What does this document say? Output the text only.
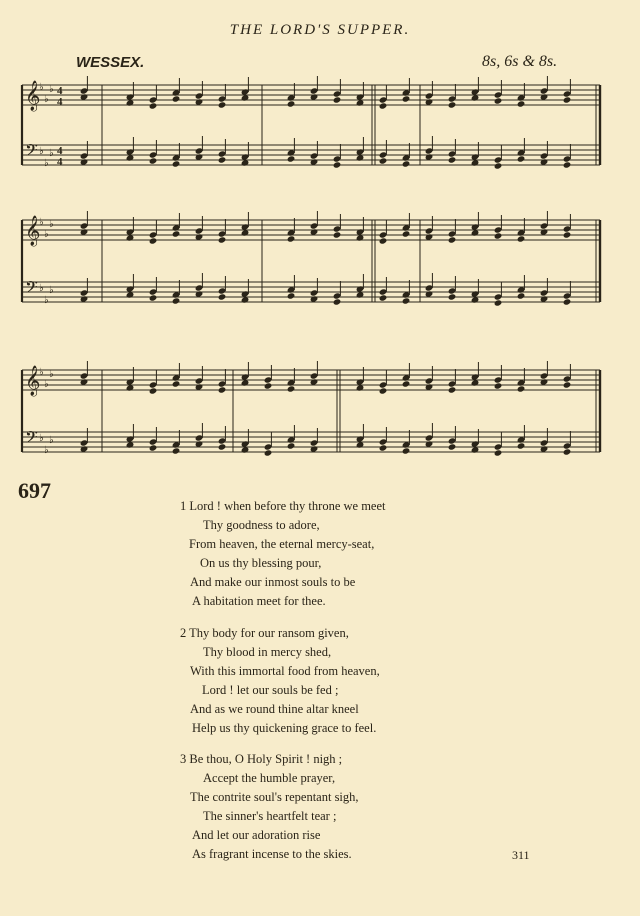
THE LORD'S SUPPER.
WESSEX.	8s, 6s & 8s.
𝄞
♭
♭
♭
𝄢 ♭
♭
♭
4
4
4
4
𝄞
♭
♭
♭
𝄢 ♭
♭
♭
𝄞
♭
♭
♭
𝄢 ♭
♭
♭
697
1 Lord ! when before thy throne we meet
Thy goodness to adore,
From heaven, the eternal mercy-seat,
On us thy blessing pour,
And make our inmost souls to be
A habitation meet for thee.
2 Thy body for our ransom given,
Thy blood in mercy shed,
With this immortal food from heaven,
Lord ! let our souls be fed ;
And as we round thine altar kneel
Help us thy quickening grace to feel.
3 Be thou, O Holy Spirit ! nigh ;
Accept the humble prayer,
The contrite soul's repentant sigh,
The sinner's heartfelt tear ;
And let our adoration rise
As fragrant incense to the skies.	311
